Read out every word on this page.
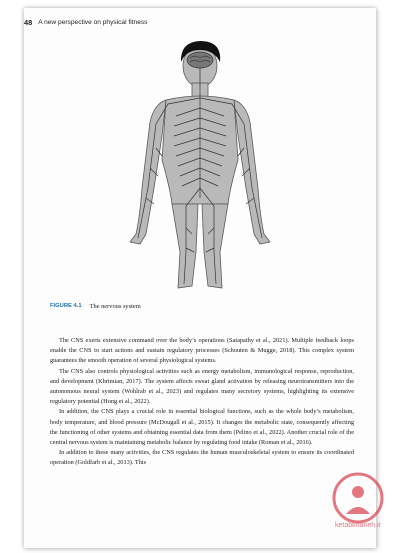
48 A new perspective on physical fitness
FIGURE 4.1 The nervous system

The CNS exerts extensive command over the body’s operations (Satapathy et al., 2021). Multiple feedback loops enable the CNS to start actions and sustain regulatory processes (Schouten & Mugge, 2018). This complex system guarantees the smooth operation of several physiological systems.

The CNS also controls physiological activities such as energy metabolism, immunological response, reproduction, and development (Khrimian, 2017). The system affects sweat gland activation by releasing neurotransmitters into the autonomous neural system (Wohlrab et al., 2023) and regulates many secretory systems, highlighting its extensive regulatory potential (Hong et al., 2022).

In addition, the CNS plays a crucial role in essential biological functions, such as the whole body’s metabolism, body temperature, and blood pressure (McDougall et al., 2015). It changes the metabolic state, consequently affecting the functioning of other systems and obtaining essential data from them (Pelino et al., 2022). Another crucial role of the central nervous system is maintaining metabolic balance by regulating food intake (Roman et al., 2016).

In addition to these many activities, the CNS regulates the human musculoskeletal system to ensure its coordinated operation (Goldfarb et al., 2013). This

ketabkhaneh.ir
